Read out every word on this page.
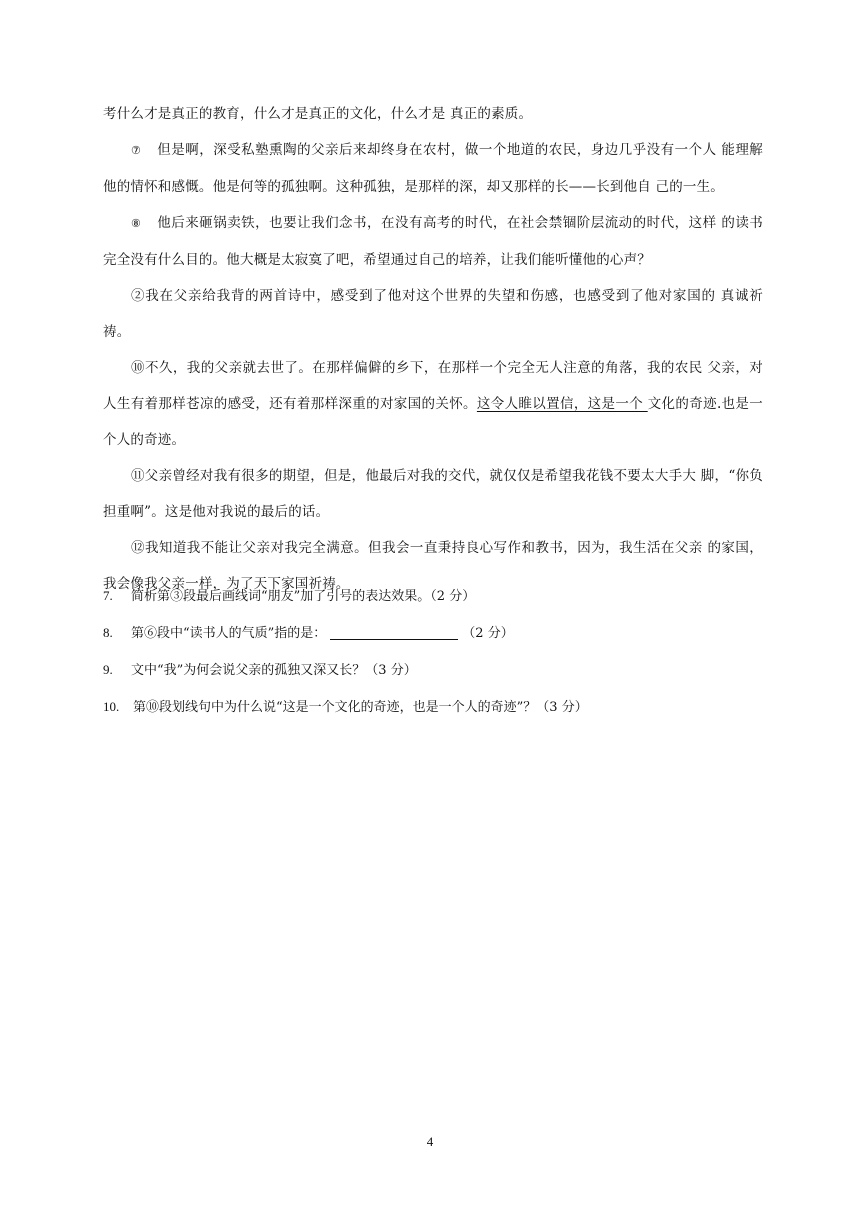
考什么才是真正的教育，什么才是真正的文化，什么才是 真正的素质。

⑦ 但是啊，深受私塾熏陶的父亲后来却终身在农村，做一个地道的农民，身边几乎没有一个人 能理解他的情怀和感慨。他是何等的孤独啊。这种孤独，是那样的深，却又那样的长——长到他自 己的一生。

⑧ 他后来砸锅卖铁，也要让我们念书，在没有高考的时代，在社会禁锢阶层流动的时代，这样 的读书完全没有什么目的。他大概是太寂寞了吧，希望通过自己的培养，让我们能听懂他的心声？

②我在父亲给我背的两首诗中，感受到了他对这个世界的失望和伤感，也感受到了他对家国的 真诚祈祷。

⑩不久，我的父亲就去世了。在那样偏僻的乡下，在那样一个完全无人注意的角落，我的农民 父亲，对人生有着那样苍凉的感受，还有着那样深重的对家国的关怀。这令人睢以置信，这是一个 文化的奇迹.也是一个人的奇迹。

⑪父亲曾经对我有很多的期望，但是，他最后对我的交代，就仅仅是希望我花钱不要太大手大 脚，“你负担重啊”。这是他对我说的最后的话。

⑫我知道我不能让父亲对我完全满意。但我会一直秉持良心写作和教书，因为，我生活在父亲 的家国，我会像我父亲一样，为了天下家国祈祷。

7. 简析第③段最后画线词“朋友”加了引号的表达效果。（2 分）

8. 第⑥段中“读书人的气质”指的是：	（2 分）

9. 文中“我”为何会说父亲的孤独又深又长？（3 分）

10. 第⑩段划线句中为什么说“这是一个文化的奇迹，也是一个人的奇迹”？（3 分）

4
